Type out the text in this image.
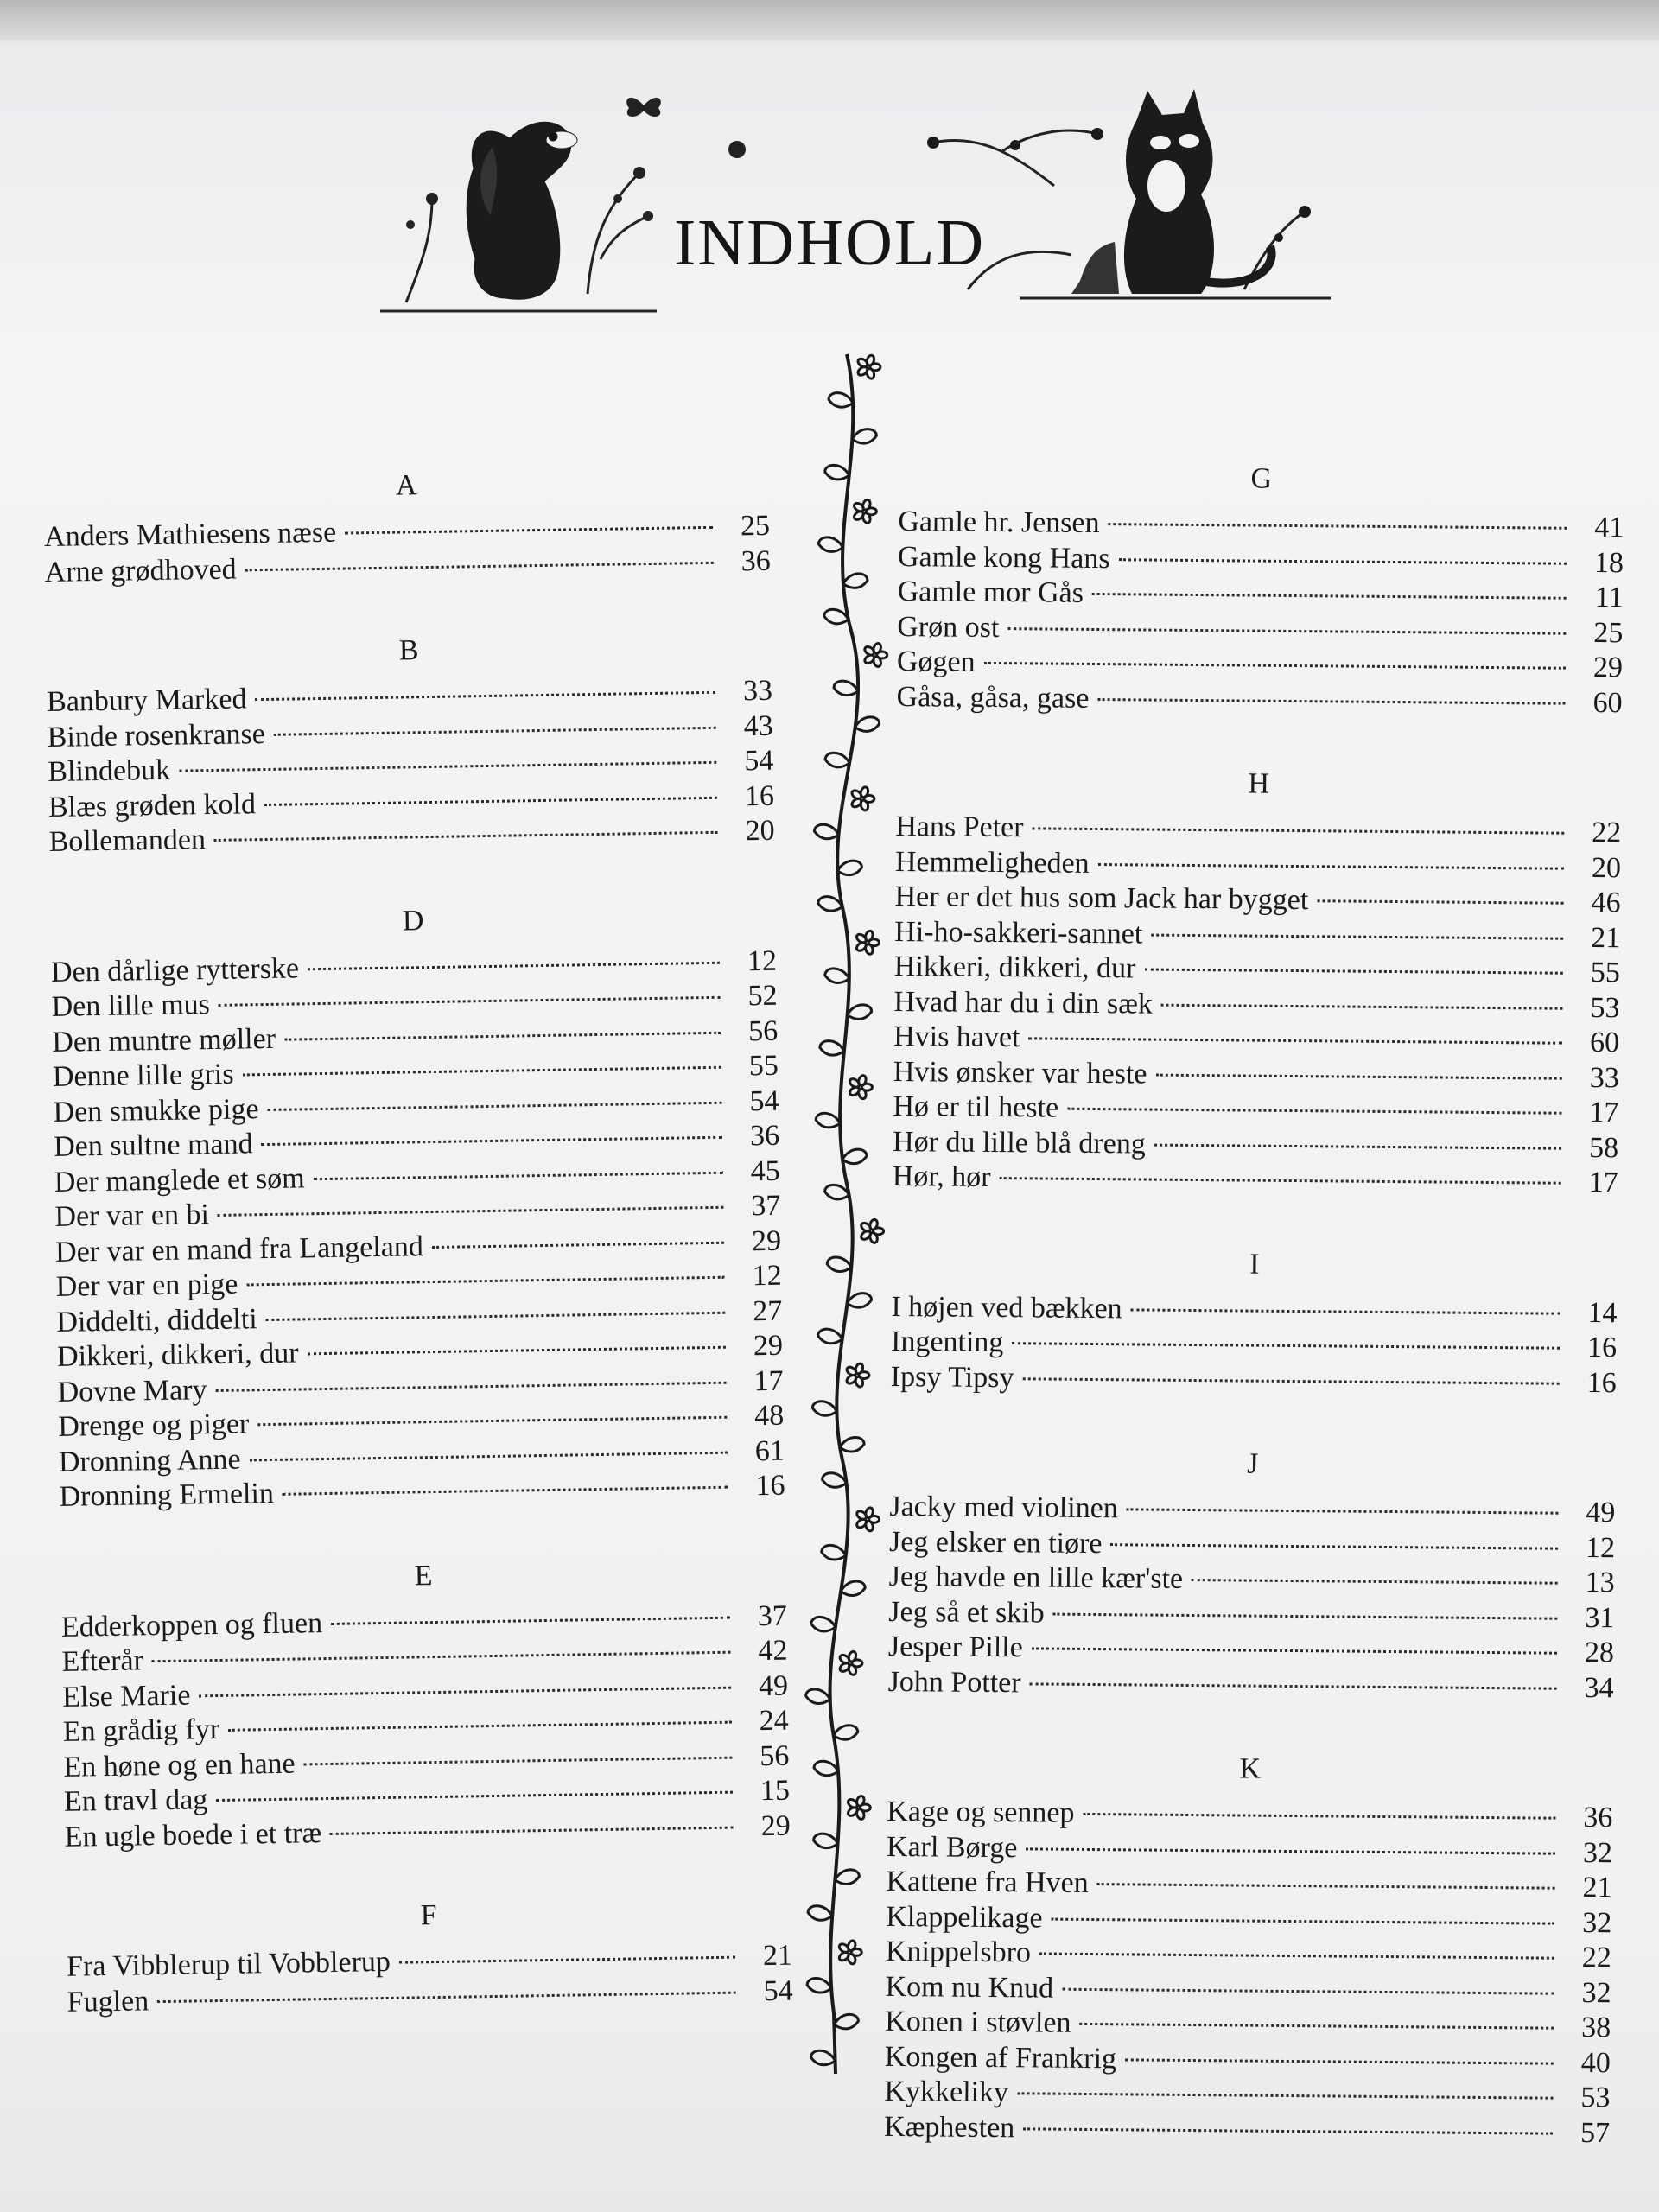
INDHOLD
A
Anders Mathiesens næse	25
Arne grødhoved	36
B
Banbury Marked	33
Binde rosenkranse	43
Blindebuk	54
Blæs grøden kold	16
Bollemanden	20
D
Den dårlige rytterske	12
Den lille mus	52
Den muntre møller	56
Denne lille gris	55
Den smukke pige	54
Den sultne mand	36
Der manglede et søm	45
Der var en bi	37
Der var en mand fra Langeland	29
Der var en pige	12
Diddelti, diddelti	27
Dikkeri, dikkeri, dur	29
Dovne Mary	17
Drenge og piger	48
Dronning Anne	61
Dronning Ermelin	16
E
Edderkoppen og fluen	37
Efterår	42
Else Marie	49
En grådig fyr	24
En høne og en hane	56
En travl dag	15
En ugle boede i et træ	29
F
Fra Vibblerup til Vobblerup	21
Fuglen	54
G
Gamle hr. Jensen	41
Gamle kong Hans	18
Gamle mor Gås	11
Grøn ost	25
Gøgen	29
Gåsa, gåsa, gase	60
H
Hans Peter	22
Hemmeligheden	20
Her er det hus som Jack har bygget	46
Hi-ho-sakkeri-sannet	21
Hikkeri, dikkeri, dur	55
Hvad har du i din sæk	53
Hvis havet	60
Hvis ønsker var heste	33
Hø er til heste	17
Hør du lille blå dreng	58
Hør, hør	17
I
I højen ved bækken	14
Ingenting	16
Ipsy Tipsy	16
J
Jacky med violinen	49
Jeg elsker en tiøre	12
Jeg havde en lille kær'ste	13
Jeg så et skib	31
Jesper Pille	28
John Potter	34
K
Kage og sennep	36
Karl Børge	32
Kattene fra Hven	21
Klappelikage	32
Knippelsbro	22
Kom nu Knud	32
Konen i støvlen	38
Kongen af Frankrig	40
Kykkeliky	53
Kæphesten	57
